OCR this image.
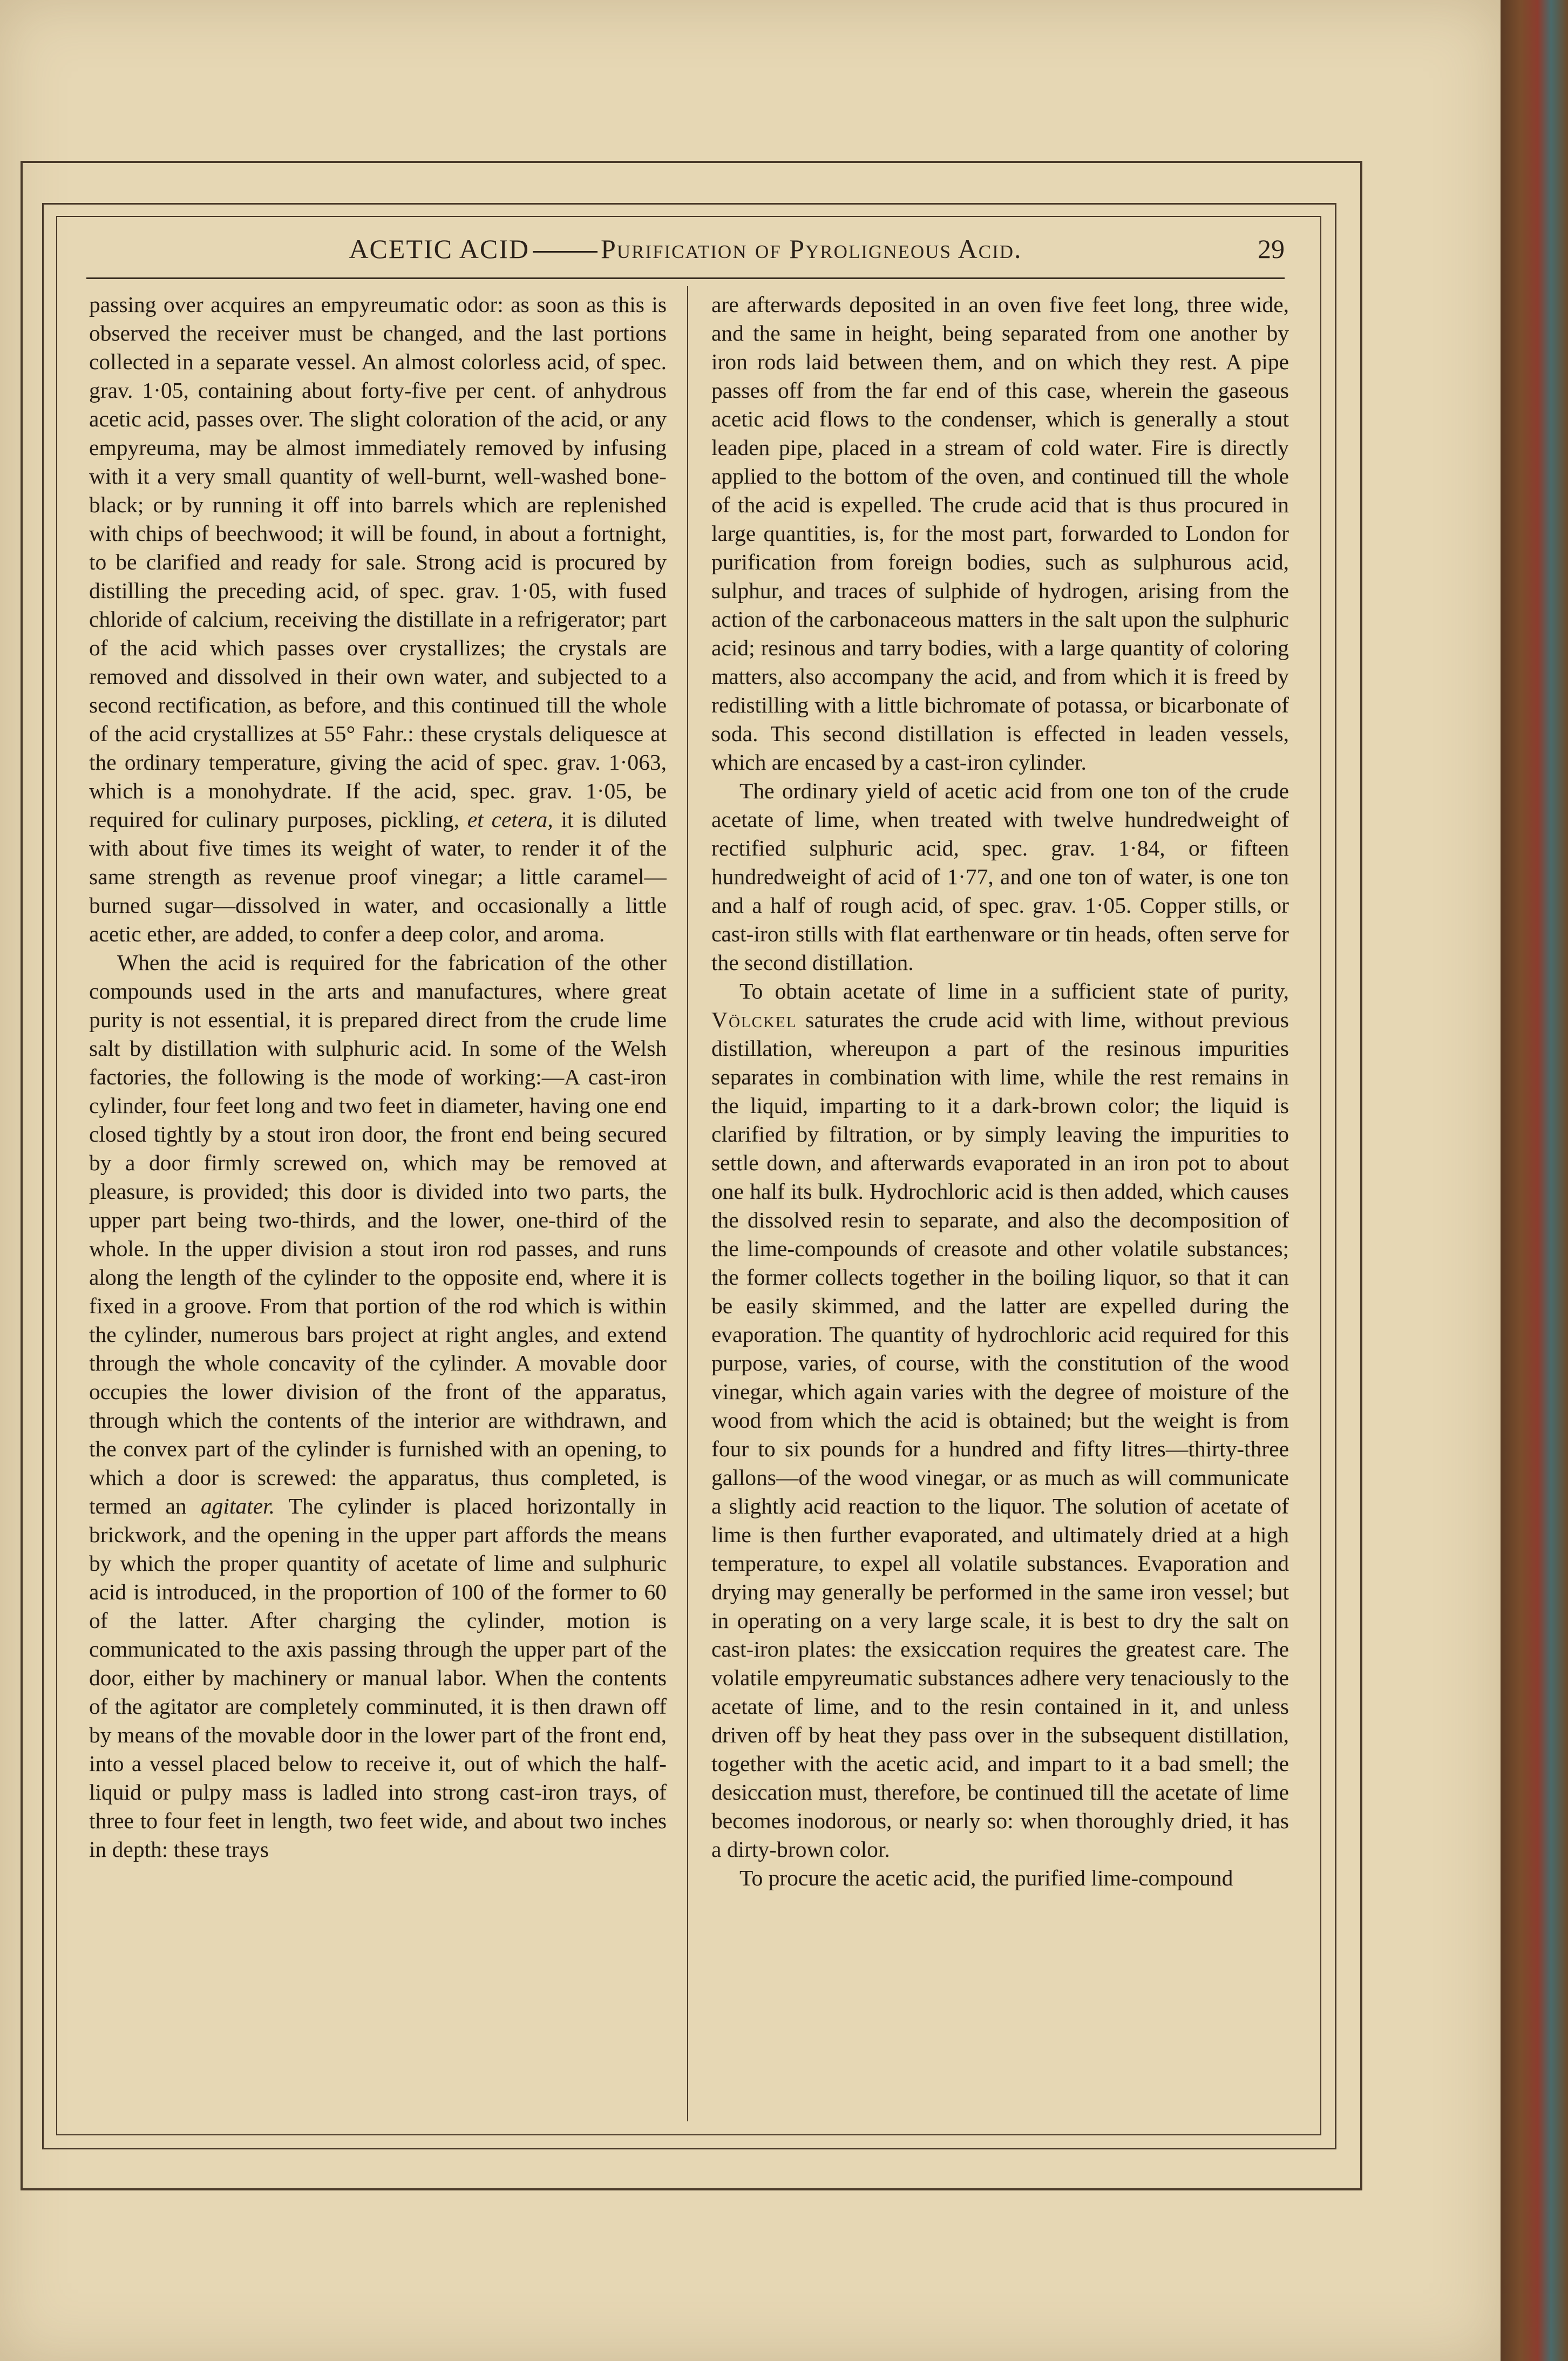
ACETIC ACID	Purification of Pyroligneous Acid.	29

passing over acquires an empyreumatic odor: as soon as this is observed the receiver must be changed, and the last portions collected in a separate vessel. An almost colorless acid, of spec. grav. 1·05, containing about forty-five per cent. of anhydrous acetic acid, passes over. The slight coloration of the acid, or any empyreuma, may be almost immediately removed by infusing with it a very small quantity of well-burnt, well-washed bone-black; or by running it off into barrels which are replenished with chips of beechwood; it will be found, in about a fortnight, to be clarified and ready for sale. Strong acid is procured by distilling the preceding acid, of spec. grav. 1·05, with fused chloride of calcium, receiving the distillate in a refrigerator; part of the acid which passes over crystallizes; the crystals are removed and dissolved in their own water, and subjected to a second rectification, as before, and this continued till the whole of the acid crystallizes at 55° Fahr.: these crystals deliquesce at the ordinary temperature, giving the acid of spec. grav. 1·063, which is a monohydrate. If the acid, spec. grav. 1·05, be required for culinary purposes, pickling, et cetera, it is diluted with about five times its weight of water, to render it of the same strength as revenue proof vinegar; a little caramel—burned sugar—dissolved in water, and occasionally a little acetic ether, are added, to confer a deep color, and aroma.

When the acid is required for the fabrication of the other compounds used in the arts and manufactures, where great purity is not essential, it is prepared direct from the crude lime salt by distillation with sulphuric acid. In some of the Welsh factories, the following is the mode of working:—A cast-iron cylinder, four feet long and two feet in diameter, having one end closed tightly by a stout iron door, the front end being secured by a door firmly screwed on, which may be removed at pleasure, is provided; this door is divided into two parts, the upper part being two-thirds, and the lower, one-third of the whole. In the upper division a stout iron rod passes, and runs along the length of the cylinder to the opposite end, where it is fixed in a groove. From that portion of the rod which is within the cylinder, numerous bars project at right angles, and extend through the whole concavity of the cylinder. A movable door occupies the lower division of the front of the apparatus, through which the contents of the interior are withdrawn, and the convex part of the cylinder is furnished with an opening, to which a door is screwed: the apparatus, thus completed, is termed an agitater. The cylinder is placed horizontally in brickwork, and the opening in the upper part affords the means by which the proper quantity of acetate of lime and sulphuric acid is introduced, in the proportion of 100 of the former to 60 of the latter. After charging the cylinder, motion is communicated to the axis passing through the upper part of the door, either by machinery or manual labor. When the contents of the agitator are completely comminuted, it is then drawn off by means of the movable door in the lower part of the front end, into a vessel placed below to receive it, out of which the half-liquid or pulpy mass is ladled into strong cast-iron trays, of three to four feet in length, two feet wide, and about two inches in depth: these trays

are afterwards deposited in an oven five feet long, three wide, and the same in height, being separated from one another by iron rods laid between them, and on which they rest. A pipe passes off from the far end of this case, wherein the gaseous acetic acid flows to the condenser, which is generally a stout leaden pipe, placed in a stream of cold water. Fire is directly applied to the bottom of the oven, and continued till the whole of the acid is expelled. The crude acid that is thus procured in large quantities, is, for the most part, forwarded to London for purification from foreign bodies, such as sulphurous acid, sulphur, and traces of sulphide of hydrogen, arising from the action of the carbonaceous matters in the salt upon the sulphuric acid; resinous and tarry bodies, with a large quantity of coloring matters, also accompany the acid, and from which it is freed by redistilling with a little bichromate of potassa, or bicarbonate of soda. This second distillation is effected in leaden vessels, which are encased by a cast-iron cylinder.

The ordinary yield of acetic acid from one ton of the crude acetate of lime, when treated with twelve hundredweight of rectified sulphuric acid, spec. grav. 1·84, or fifteen hundredweight of acid of 1·77, and one ton of water, is one ton and a half of rough acid, of spec. grav. 1·05. Copper stills, or cast-iron stills with flat earthenware or tin heads, often serve for the second distillation.

To obtain acetate of lime in a sufficient state of purity, Völckel saturates the crude acid with lime, without previous distillation, whereupon a part of the resinous impurities separates in combination with lime, while the rest remains in the liquid, imparting to it a dark-brown color; the liquid is clarified by filtration, or by simply leaving the impurities to settle down, and afterwards evaporated in an iron pot to about one half its bulk. Hydrochloric acid is then added, which causes the dissolved resin to separate, and also the decomposition of the lime-compounds of creasote and other volatile substances; the former collects together in the boiling liquor, so that it can be easily skimmed, and the latter are expelled during the evaporation. The quantity of hydrochloric acid required for this purpose, varies, of course, with the constitution of the wood vinegar, which again varies with the degree of moisture of the wood from which the acid is obtained; but the weight is from four to six pounds for a hundred and fifty litres—thirty-three gallons—of the wood vinegar, or as much as will communicate a slightly acid reaction to the liquor. The solution of acetate of lime is then further evaporated, and ultimately dried at a high temperature, to expel all volatile substances. Evaporation and drying may generally be performed in the same iron vessel; but in operating on a very large scale, it is best to dry the salt on cast-iron plates: the exsiccation requires the greatest care. The volatile empyreumatic substances adhere very tenaciously to the acetate of lime, and to the resin contained in it, and unless driven off by heat they pass over in the subsequent distillation, together with the acetic acid, and impart to it a bad smell; the desiccation must, therefore, be continued till the acetate of lime becomes inodorous, or nearly so: when thoroughly dried, it has a dirty-brown color.

To procure the acetic acid, the purified lime-compound
